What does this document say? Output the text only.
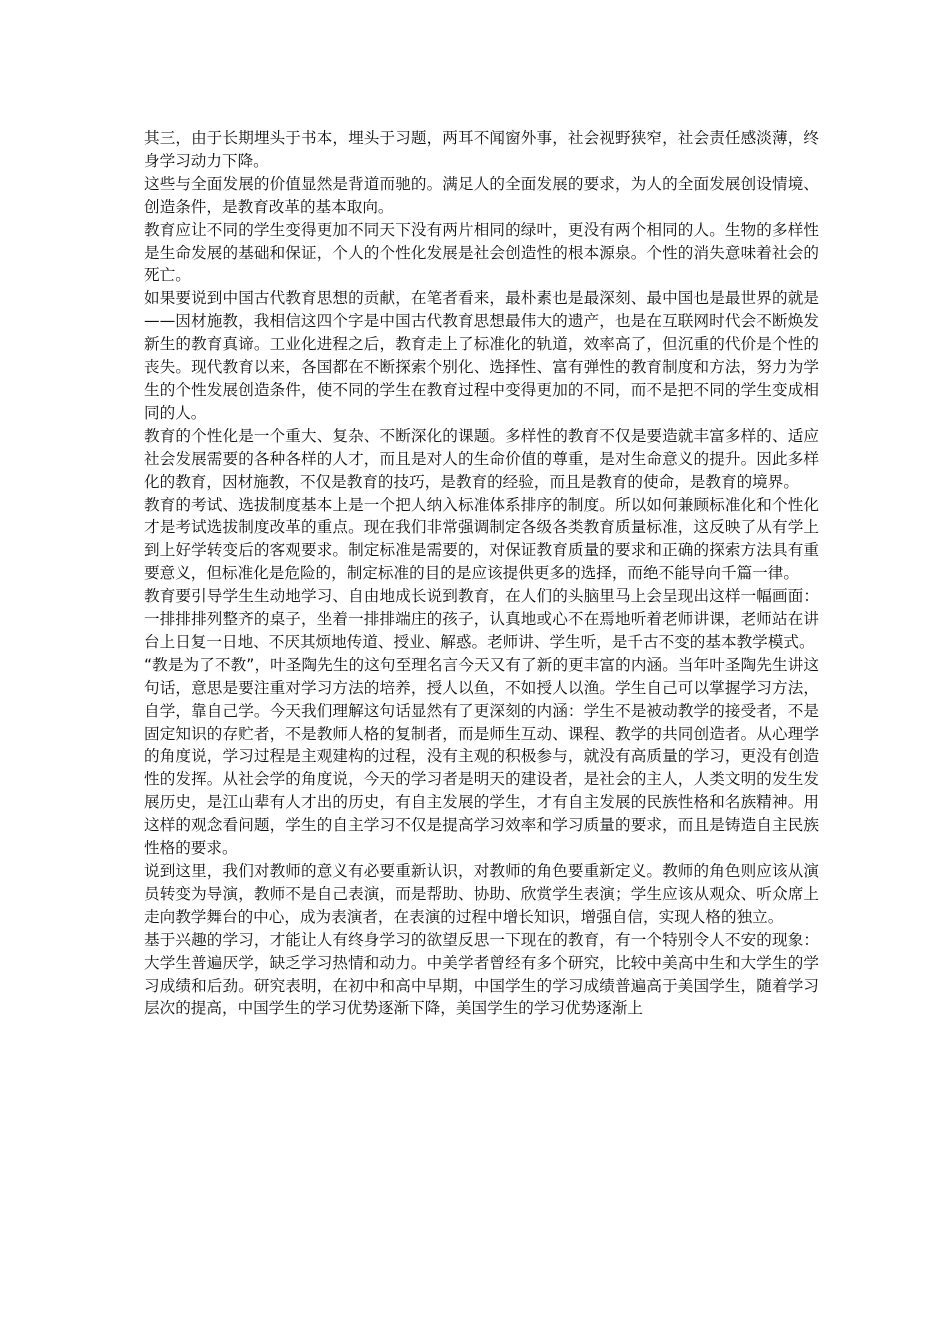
其三，由于长期埋头于书本，埋头于习题，两耳不闻窗外事，社会视野狭窄，社会责任感淡薄，终身学习动力下降。

这些与全面发展的价值显然是背道而驰的。满足人的全面发展的要求，为人的全面发展创设情境、创造条件，是教育改革的基本取向。

教育应让不同的学生变得更加不同天下没有两片相同的绿叶，更没有两个相同的人。生物的多样性是生命发展的基础和保证，个人的个性化发展是社会创造性的根本源泉。个性的消失意味着社会的死亡。

如果要说到中国古代教育思想的贡献，在笔者看来，最朴素也是最深刻、最中国也是最世界的就是——因材施教，我相信这四个字是中国古代教育思想最伟大的遗产，也是在互联网时代会不断焕发新生的教育真谛。工业化进程之后，教育走上了标准化的轨道，效率高了，但沉重的代价是个性的丧失。现代教育以来，各国都在不断探索个别化、选择性、富有弹性的教育制度和方法，努力为学生的个性发展创造条件，使不同的学生在教育过程中变得更加的不同，而不是把不同的学生变成相同的人。

教育的个性化是一个重大、复杂、不断深化的课题。多样性的教育不仅是要造就丰富多样的、适应社会发展需要的各种各样的人才，而且是对人的生命价值的尊重，是对生命意义的提升。因此多样化的教育，因材施教，不仅是教育的技巧，是教育的经验，而且是教育的使命，是教育的境界。

教育的考试、选拔制度基本上是一个把人纳入标准体系排序的制度。所以如何兼顾标准化和个性化才是考试选拔制度改革的重点。现在我们非常强调制定各级各类教育质量标准，这反映了从有学上到上好学转变后的客观要求。制定标准是需要的，对保证教育质量的要求和正确的探索方法具有重要意义，但标准化是危险的，制定标准的目的是应该提供更多的选择，而绝不能导向千篇一律。

教育要引导学生生动地学习、自由地成长说到教育，在人们的头脑里马上会呈现出这样一幅画面：一排排排列整齐的桌子，坐着一排排端庄的孩子，认真地或心不在焉地听着老师讲课，老师站在讲台上日复一日地、不厌其烦地传道、授业、解惑。老师讲、学生听，是千古不变的基本教学模式。

“教是为了不教”，叶圣陶先生的这句至理名言今天又有了新的更丰富的内涵。当年叶圣陶先生讲这句话，意思是要注重对学习方法的培养，授人以鱼，不如授人以渔。学生自己可以掌握学习方法，自学，靠自己学。今天我们理解这句话显然有了更深刻的内涵：学生不是被动教学的接受者，不是固定知识的存贮者，不是教师人格的复制者，而是师生互动、课程、教学的共同创造者。从心理学的角度说，学习过程是主观建构的过程，没有主观的积极参与，就没有高质量的学习，更没有创造性的发挥。从社会学的角度说，今天的学习者是明天的建设者，是社会的主人，人类文明的发生发展历史，是江山辈有人才出的历史，有自主发展的学生，才有自主发展的民族性格和名族精神。用这样的观念看问题，学生的自主学习不仅是提高学习效率和学习质量的要求，而且是铸造自主民族性格的要求。

说到这里，我们对教师的意义有必要重新认识，对教师的角色要重新定义。教师的角色则应该从演员转变为导演，教师不是自己表演，而是帮助、协助、欣赏学生表演；学生应该从观众、听众席上走向教学舞台的中心，成为表演者，在表演的过程中增长知识，增强自信，实现人格的独立。

基于兴趣的学习，才能让人有终身学习的欲望反思一下现在的教育，有一个特别令人不安的现象：大学生普遍厌学，缺乏学习热情和动力。中美学者曾经有多个研究，比较中美高中生和大学生的学习成绩和后劲。研究表明，在初中和高中早期，中国学生的学习成绩普遍高于美国学生，随着学习层次的提高，中国学生的学习优势逐渐下降，美国学生的学习优势逐渐上
